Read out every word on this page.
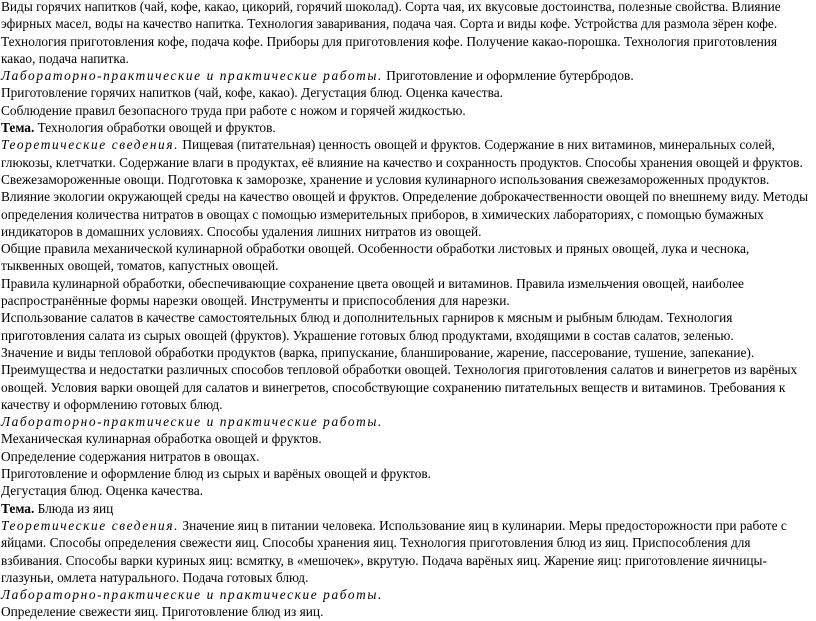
Виды горячих напитков (чай, кофе, какао, цикорий, горячий шоколад). Сорта чая, их вкусовые достоинства, полезные свойства. Влияние эфирных масел, воды на качество напитка. Технология заваривания, подача чая. Сорта и виды кофе. Устройства для размола зёрен кофе. Технология приготовления кофе, подача кофе. Приборы для приготовления кофе. Получение какао-порошка. Технология приготовления какао, подача напитка.

Лабораторно-практические и практические работы. Приготовление и оформление бутербродов.

Приготовление горячих напитков (чай, кофе, какао). Дегустация блюд. Оценка качества.

Соблюдение правил безопасного труда при работе с ножом и горячей жидкостью.

Тема. Технология обработки овощей и фруктов.

Теоретические сведения. Пищевая (питательная) ценность овощей и фруктов. Содержание в них витаминов, минеральных солей, глюкозы, клетчатки. Содержание влаги в продуктах, её влияние на качество и сохранность продуктов. Способы хранения овощей и фруктов. Свежезамороженные овощи. Подготовка к заморозке, хранение и условия кулинарного использования свежезамороженных продуктов.

Влияние экологии окружающей среды на качество овощей и фруктов. Определение доброкачественности овощей по внешнему виду. Методы определения количества нитратов в овощах с помощью измерительных приборов, в химических лабораториях, с помощью бумажных индикаторов в домашних условиях. Способы удаления лишних нитратов из овощей.

Общие правила механической кулинарной обработки овощей. Особенности обработки листовых и пряных овощей, лука и чеснока, тыквенных овощей, томатов, капустных овощей.

Правила кулинарной обработки, обеспечивающие сохранение цвета овощей и витаминов. Правила измельчения овощей, наиболее распространённые формы нарезки овощей. Инструменты и приспособления для нарезки.

Использование салатов в качестве самостоятельных блюд и дополнительных гарниров к мясным и рыбным блюдам. Технология приготовления салата из сырых овощей (фруктов). Украшение готовых блюд продуктами, входящими в состав салатов, зеленью.

Значение и виды тепловой обработки продуктов (варка, припускание, бланширование, жарение, пассерование, тушение, запекание). Преимущества и недостатки различных способов тепловой обработки овощей. Технология приготовления салатов и винегретов из варёных овощей. Условия варки овощей для салатов и винегретов, способствующие сохранению питательных веществ и витаминов. Требования к качеству и оформлению готовых блюд.

Лабораторно-практические и практические работы.

Механическая кулинарная обработка овощей и фруктов.

Определение содержания нитратов в овощах.

Приготовление и оформление блюд из сырых и варёных овощей и фруктов.

Дегустация блюд. Оценка качества.

Тема. Блюда из яиц

Теоретические сведения. Значение яиц в питании человека. Использование яиц в кулинарии. Меры предосторожности при работе с яйцами. Способы определения свежести яиц. Способы хранения яиц. Технология приготовления блюд из яиц. Приспособления для взбивания. Способы варки куриных яиц: всмятку, в «мешочек», вкрутую. Подача варёных яиц. Жарение яиц: приготовление яичницы-глазуньи, омлета натурального. Подача готовых блюд.

Лабораторно-практические и практические работы.

Определение свежести яиц. Приготовление блюд из яиц.
